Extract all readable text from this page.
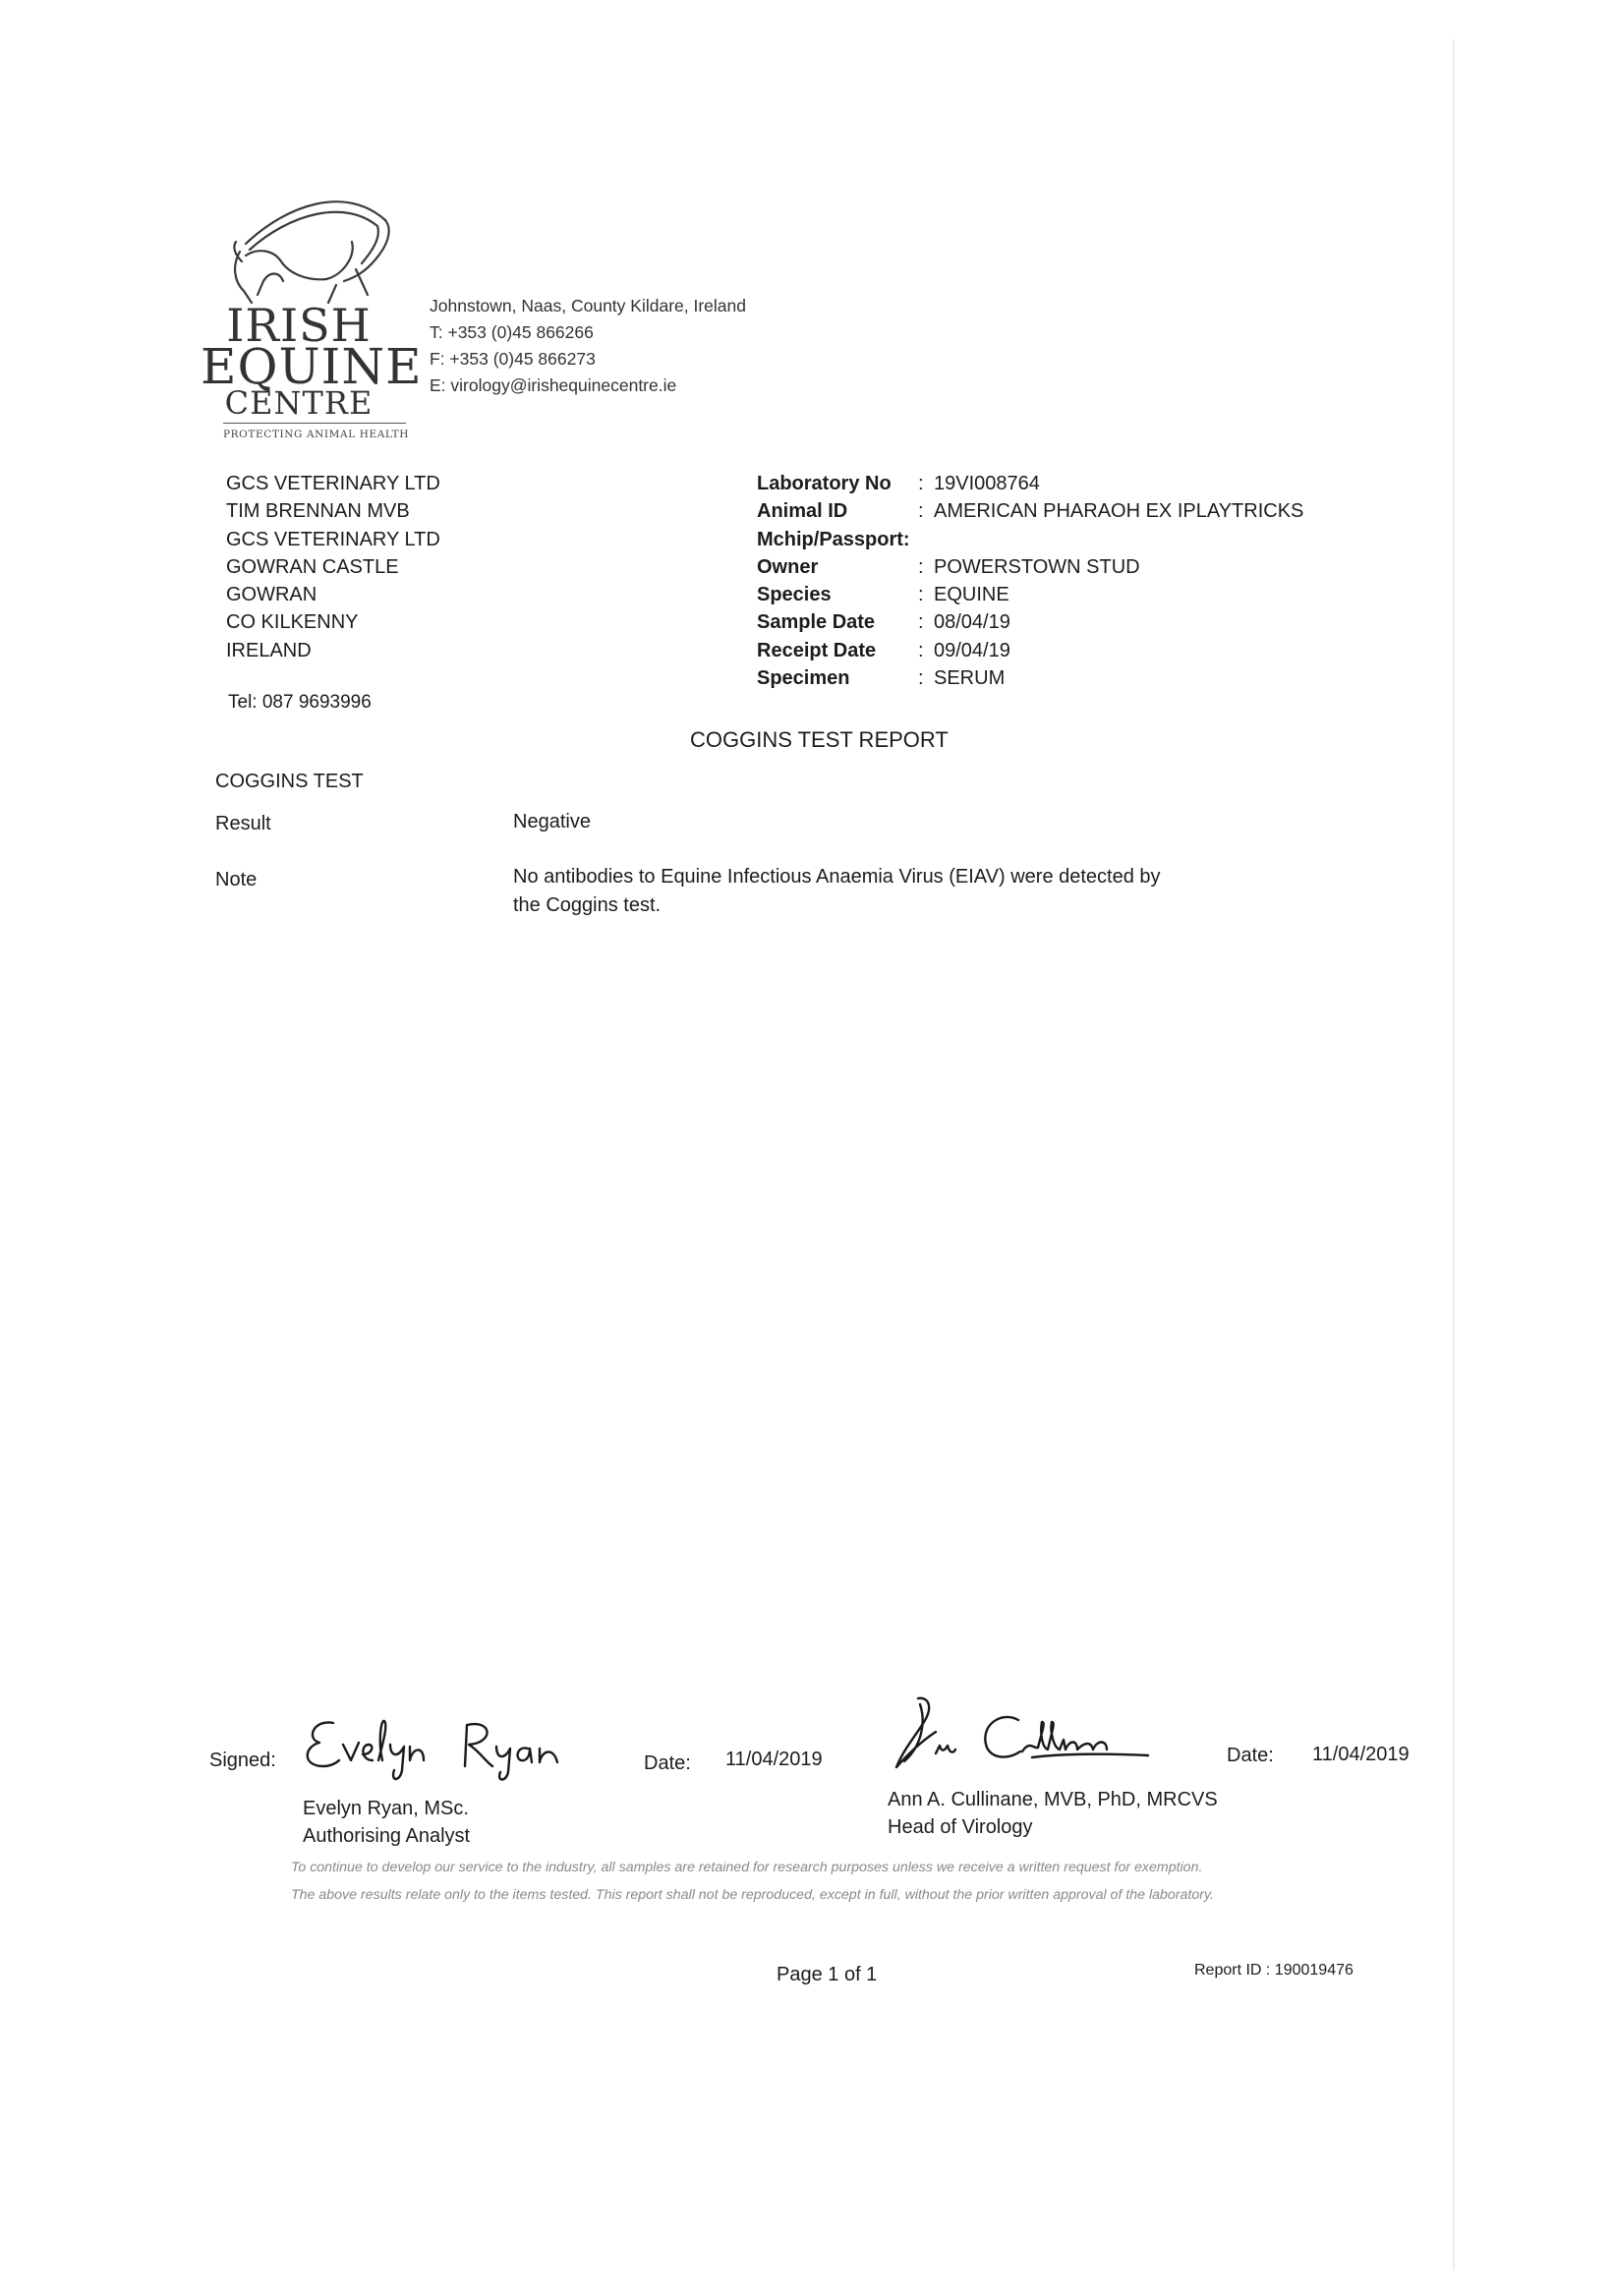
IRISH
EQUINE
CENTRE
PROTECTING ANIMAL HEALTH
Johnstown, Naas, County Kildare, Ireland
T: +353 (0)45 866266
F: +353 (0)45 866273
E: virology@irishequinecentre.ie
GCS VETERINARY LTD
TIM BRENNAN MVB
GCS VETERINARY LTD
GOWRAN CASTLE
GOWRAN
CO KILKENNY
IRELAND
Tel: 087 9693996
Laboratory No	: 19VI008764
Animal ID	: AMERICAN PHARAOH EX IPLAYTRICKS
Mchip/Passport:
Owner	: POWERSTOWN STUD
Species	: EQUINE
Sample Date	: 08/04/19
Receipt Date	: 09/04/19
Specimen	: SERUM
COGGINS TEST REPORT
COGGINS TEST
Result	Negative
Note	No antibodies to Equine Infectious Anaemia Virus (EIAV) were detected by
the Coggins test.
Signed:	Date: 11/04/2019	Date: 11/04/2019
Evelyn Ryan, MSc.
Authorising Analyst
Ann A. Cullinane, MVB, PhD, MRCVS
Head of Virology
To continue to develop our service to the industry, all samples are retained for research purposes unless we receive a written request for exemption.
The above results relate only to the items tested. This report shall not be reproduced, except in full, without the prior written approval of the laboratory.
Page 1 of 1	Report ID : 190019476
